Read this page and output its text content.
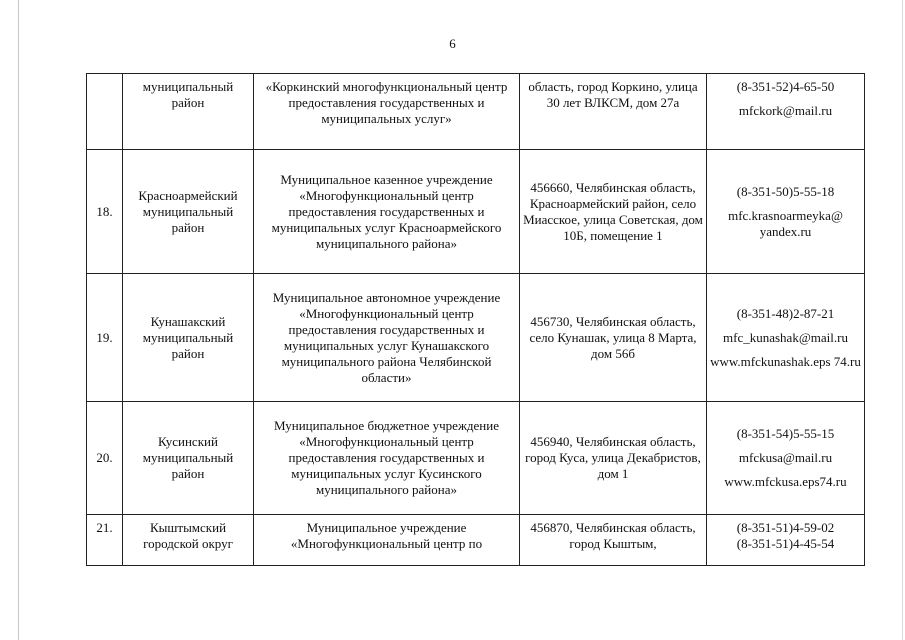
6
	муниципальный район	«Коркинский многофункциональный центр предоставления государственных и муниципальных услуг»	область, город Коркино, улица 30 лет ВЛКСМ, дом 27а	(8-351-52)4-65-50
mfckork@mail.ru

18.	Красноармейский муниципальный район	Муниципальное казенное учреждение «Многофункциональный центр предоставления государственных и муниципальных услуг Красноармейского муниципального района»	456660, Челябинская область, Красноармейский район, село Миасское, улица Советская, дом 10Б, помещение 1	(8-351-50)5-55-18
mfc.krasnoarmeyka@ yandex.ru

19.	Кунашакский муниципальный район	Муниципальное автономное учреждение «Многофункциональный центр предоставления государственных и муниципальных услуг Кунашакского муниципального района Челябинской области»	456730, Челябинская область, село Кунашак, улица 8 Марта, дом 56б	(8-351-48)2-87-21
mfc_kunashak@mail.ru
www.mfckunashak.eps 74.ru

20.	Кусинский муниципальный район	Муниципальное бюджетное учреждение «Многофункциональный центр предоставления государственных и муниципальных услуг Кусинского муниципального района»	456940, Челябинская область, город Куса, улица Декабристов, дом 1	(8-351-54)5-55-15
mfckusa@mail.ru
www.mfckusa.eps74.ru

21.	Кыштымский городской округ	Муниципальное учреждение «Многофункциональный центр по	456870, Челябинская область, город Кыштым,	(8-351-51)4-59-02
(8-351-51)4-45-54
